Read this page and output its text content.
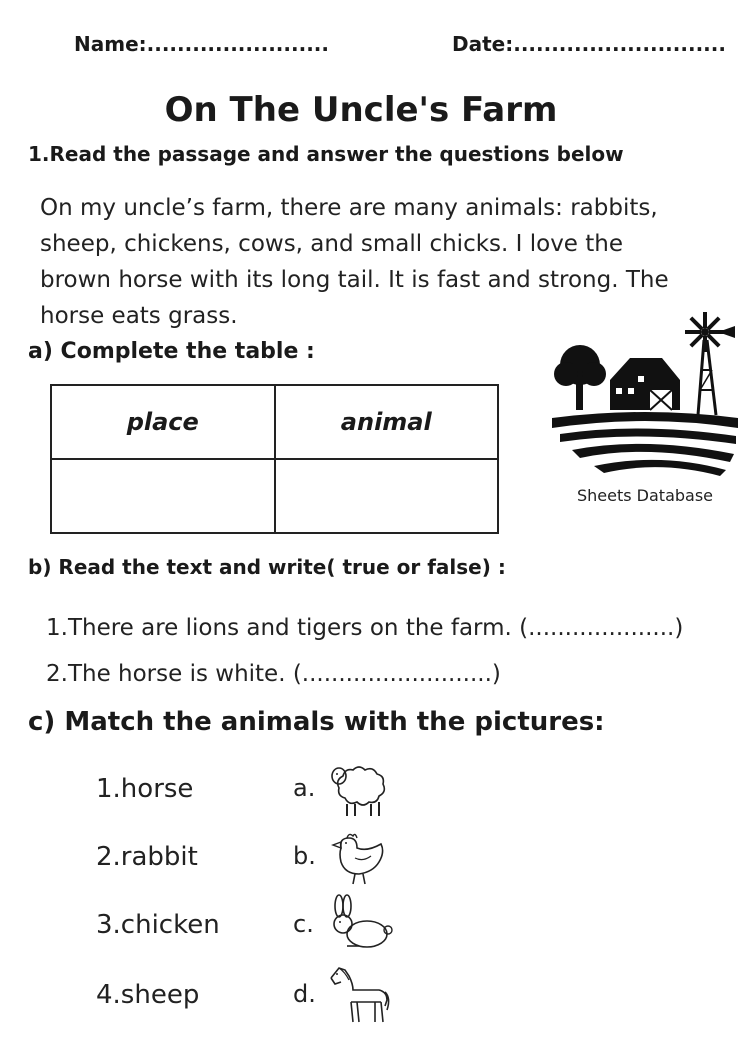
Name:........................	Date:............................
On The Uncle's Farm
1.Read the passage and answer the questions below
On my uncle’s farm, there are many animals: rabbits,
sheep, chickens, cows, and small chicks. I love the
brown horse with its long tail. It is fast and strong. The
horse eats grass.
a) Complete the table :
place	animal

Sheets Database
b) Read the text and write( true or false) :
1.There are lions and tigers on the farm. (....................)
2.The horse is white. (..........................)
c) Match the animals with the pictures:
1.horse	a.
2.rabbit	b.
3.chicken	c.
4.sheep	d.
